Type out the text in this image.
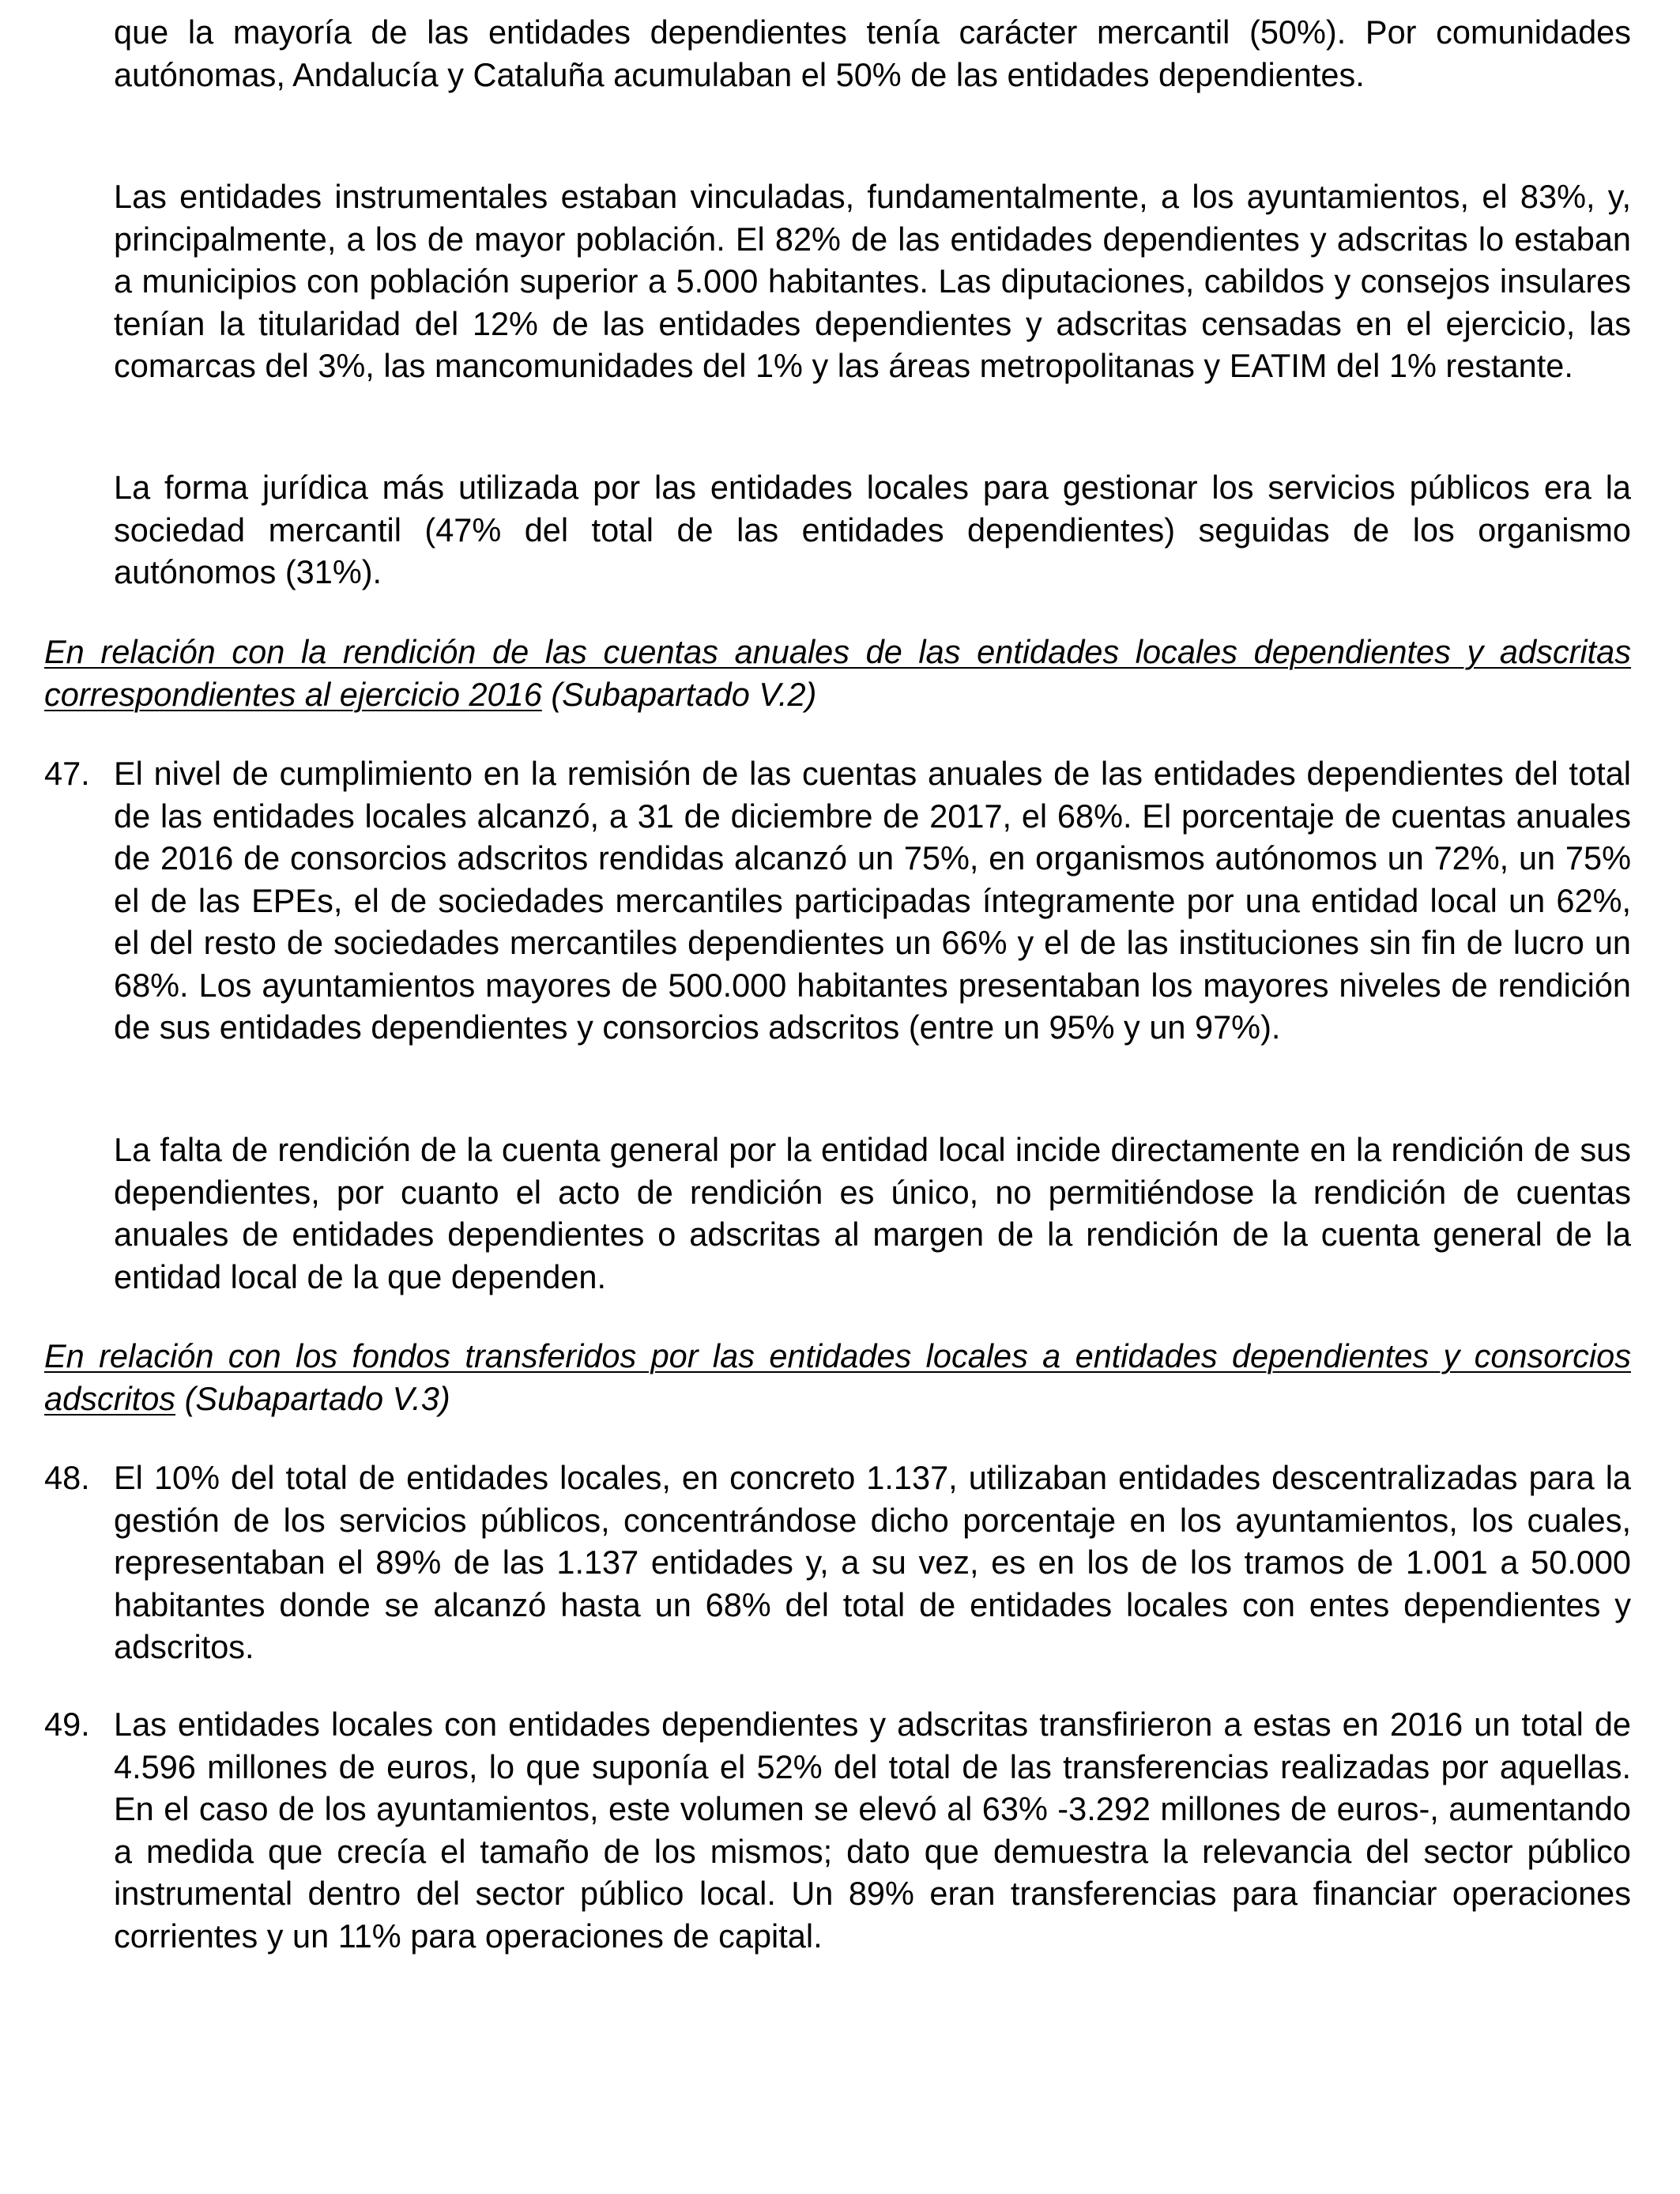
que la mayoría de las entidades dependientes tenía carácter mercantil (50%). Por comunidades autónomas, Andalucía y Cataluña acumulaban el 50% de las entidades dependientes.

Las entidades instrumentales estaban vinculadas, fundamentalmente, a los ayuntamientos, el 83%, y, principalmente, a los de mayor población. El 82% de las entidades dependientes y adscritas lo estaban a municipios con población superior a 5.000 habitantes. Las diputaciones, cabildos y consejos insulares tenían la titularidad del 12% de las entidades dependientes y adscritas censadas en el ejercicio, las comarcas del 3%, las mancomunidades del 1% y las áreas metropolitanas y EATIM del 1% restante.

La forma jurídica más utilizada por las entidades locales para gestionar los servicios públicos era la sociedad mercantil (47% del total de las entidades dependientes) seguidas de los organismo autónomos (31%).

En relación con la rendición de las cuentas anuales de las entidades locales dependientes y adscritas correspondientes al ejercicio 2016 (Subapartado V.2)

47. El nivel de cumplimiento en la remisión de las cuentas anuales de las entidades dependientes del total de las entidades locales alcanzó, a 31 de diciembre de 2017, el 68%. El porcentaje de cuentas anuales de 2016 de consorcios adscritos rendidas alcanzó un 75%, en organismos autónomos un 72%, un 75% el de las EPEs, el de sociedades mercantiles participadas íntegramente por una entidad local un 62%, el del resto de sociedades mercantiles dependientes un 66% y el de las instituciones sin fin de lucro un 68%. Los ayuntamientos mayores de 500.000 habitantes presentaban los mayores niveles de rendición de sus entidades dependientes y consorcios adscritos (entre un 95% y un 97%).

La falta de rendición de la cuenta general por la entidad local incide directamente en la rendición de sus dependientes, por cuanto el acto de rendición es único, no permitiéndose la rendición de cuentas anuales de entidades dependientes o adscritas al margen de la rendición de la cuenta general de la entidad local de la que dependen.

En relación con los fondos transferidos por las entidades locales a entidades dependientes y consorcios adscritos (Subapartado V.3)

48. El 10% del total de entidades locales, en concreto 1.137, utilizaban entidades descentralizadas para la gestión de los servicios públicos, concentrándose dicho porcentaje en los ayuntamientos, los cuales, representaban el 89% de las 1.137 entidades y, a su vez, es en los de los tramos de 1.001 a 50.000 habitantes donde se alcanzó hasta un 68% del total de entidades locales con entes dependientes y adscritos.

49. Las entidades locales con entidades dependientes y adscritas transfirieron a estas en 2016 un total de 4.596 millones de euros, lo que suponía el 52% del total de las transferencias realizadas por aquellas. En el caso de los ayuntamientos, este volumen se elevó al 63% -3.292 millones de euros-, aumentando a medida que crecía el tamaño de los mismos; dato que demuestra la relevancia del sector público instrumental dentro del sector público local. Un 89% eran transferencias para financiar operaciones corrientes y un 11% para operaciones de capital.
